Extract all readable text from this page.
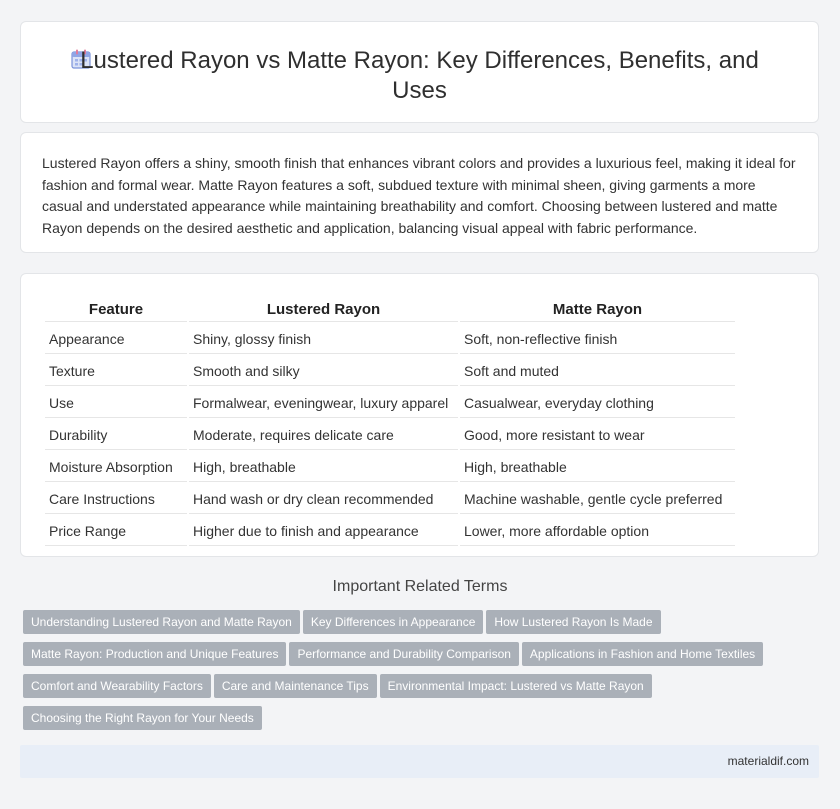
Lustered Rayon vs Matte Rayon: Key Differences, Benefits, and Uses

Lustered Rayon offers a shiny, smooth finish that enhances vibrant colors and provides a luxurious feel, making it ideal for fashion and formal wear. Matte Rayon features a soft, subdued texture with minimal sheen, giving garments a more casual and understated appearance while maintaining breathability and comfort. Choosing between lustered and matte Rayon depends on the desired aesthetic and application, balancing visual appeal with fabric performance.

Feature	Lustered Rayon	Matte Rayon
Appearance	Shiny, glossy finish	Soft, non-reflective finish
Texture	Smooth and silky	Soft and muted
Use	Formalwear, eveningwear, luxury apparel	Casualwear, everyday clothing
Durability	Moderate, requires delicate care	Good, more resistant to wear
Moisture Absorption	High, breathable	High, breathable
Care Instructions	Hand wash or dry clean recommended	Machine washable, gentle cycle preferred
Price Range	Higher due to finish and appearance	Lower, more affordable option
Important Related Terms
Understanding Lustered Rayon and Matte Rayon Key Differences in Appearance How Lustered Rayon Is Made
Matte Rayon: Production and Unique Features Performance and Durability Comparison Applications in Fashion and Home Textiles
Comfort and Wearability Factors Care and Maintenance Tips Environmental Impact: Lustered vs Matte Rayon
Choosing the Right Rayon for Your Needs
materialdif.com
